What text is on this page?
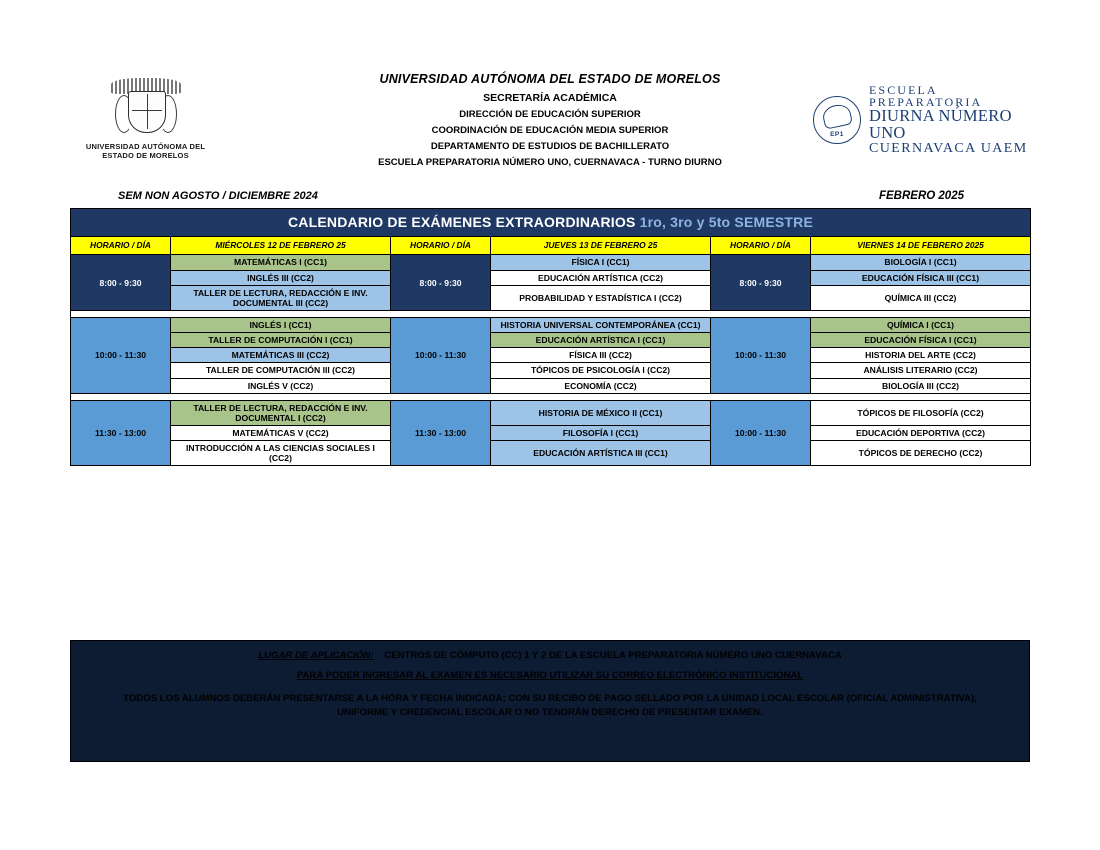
UNIVERSIDAD AUTÓNOMA DEL
ESTADO DE MORELOS
UNIVERSIDAD AUTÓNOMA DEL ESTADO DE MORELOS
SECRETARÍA ACADÉMICA
DIRECCIÓN DE EDUCACIÓN SUPERIOR
COORDINACIÓN DE EDUCACIÓN MEDIA SUPERIOR
DEPARTAMENTO DE ESTUDIOS DE BACHILLERATO
ESCUELA PREPARATORIA NÚMERO UNO, CUERNAVACA - TURNO DIURNO
EP1
ESCUELA PREPARATORIA
DIURNA NÚMERO UNO
CUERNAVACA UAEM
SEM NON AGOSTO / DICIEMBRE 2024	FEBRERO 2025
CALENDARIO DE EXÁMENES EXTRAORDINARIOS 1ro, 3ro y 5to SEMESTRE					
HORARIO / DÍA	MIÉRCOLES 12 DE FEBRERO 25	HORARIO / DÍA	JUEVES 13 DE FEBRERO 25	HORARIO / DÍA	VIERNES 14 DE FEBRERO 2025
8:00 - 9:30	MATEMÁTICAS I (CC1)	8:00 - 9:30	FÍSICA I (CC1)	8:00 - 9:30	BIOLOGÍA I (CC1)
	INGLÉS III (CC2)		EDUCACIÓN ARTÍSTICA (CC2)		EDUCACIÓN FÍSICA III (CC1)
	TALLER DE LECTURA, REDACCIÓN E INV. DOCUMENTAL III (CC2)		PROBABILIDAD Y ESTADÍSTICA I (CC2)		QUÍMICA III (CC2)

10:00 - 11:30	INGLÉS I (CC1)	10:00 - 11:30	HISTORIA UNIVERSAL CONTEMPORÁNEA (CC1)	10:00 - 11:30	QUÍMICA I (CC1)
	TALLER DE COMPUTACIÓN I (CC1)		EDUCACIÓN ARTÍSTICA I (CC1)		EDUCACIÓN FÍSICA I (CC1)
	MATEMÁTICAS III (CC2)		FÍSICA III (CC2)		HISTORIA DEL ARTE (CC2)
	TALLER DE COMPUTACIÓN III (CC2)		TÓPICOS DE PSICOLOGÍA I (CC2)		ANÁLISIS LITERARIO (CC2)
	INGLÉS V (CC2)		ECONOMÍA (CC2)		BIOLOGÍA III (CC2)

11:30 - 13:00	TALLER DE LECTURA, REDACCIÓN E INV. DOCUMENTAL I (CC2)	11:30 - 13:00	HISTORIA DE MÉXICO II (CC1)	10:00 - 11:30	TÓPICOS DE FILOSOFÍA (CC2)
	MATEMÁTICAS V (CC2)		FILOSOFÍA I (CC1)		EDUCACIÓN DEPORTIVA (CC2)
	INTRODUCCIÓN A LAS CIENCIAS SOCIALES I (CC2)		EDUCACIÓN ARTÍSTICA III (CC1)		TÓPICOS DE DERECHO (CC2)
LUGAR DE APLICACIÓN: CENTROS DE CÓMPUTO (CC) 1 Y 2 DE LA ESCUELA PREPARATORIA NÚMERO UNO CUERNAVACA
PARA PODER INGRESAR AL EXAMEN ES NECESARIO UTILIZAR SU CORREO ELECTRÓNICO INSTITUCIONAL
TODOS LOS ALUMNOS DEBERÁN PRESENTARSE A LA HORA Y FECHA INDICADA; CON SU RECIBO DE PAGO SELLADO POR LA UNIDAD LOCAL ESCOLAR (OFICIAL ADMINISTRATIVA), UNIFORME Y CREDENCIAL ESCOLAR O NO TENDRÁN DERECHO DE PRESENTAR EXAMEN.
